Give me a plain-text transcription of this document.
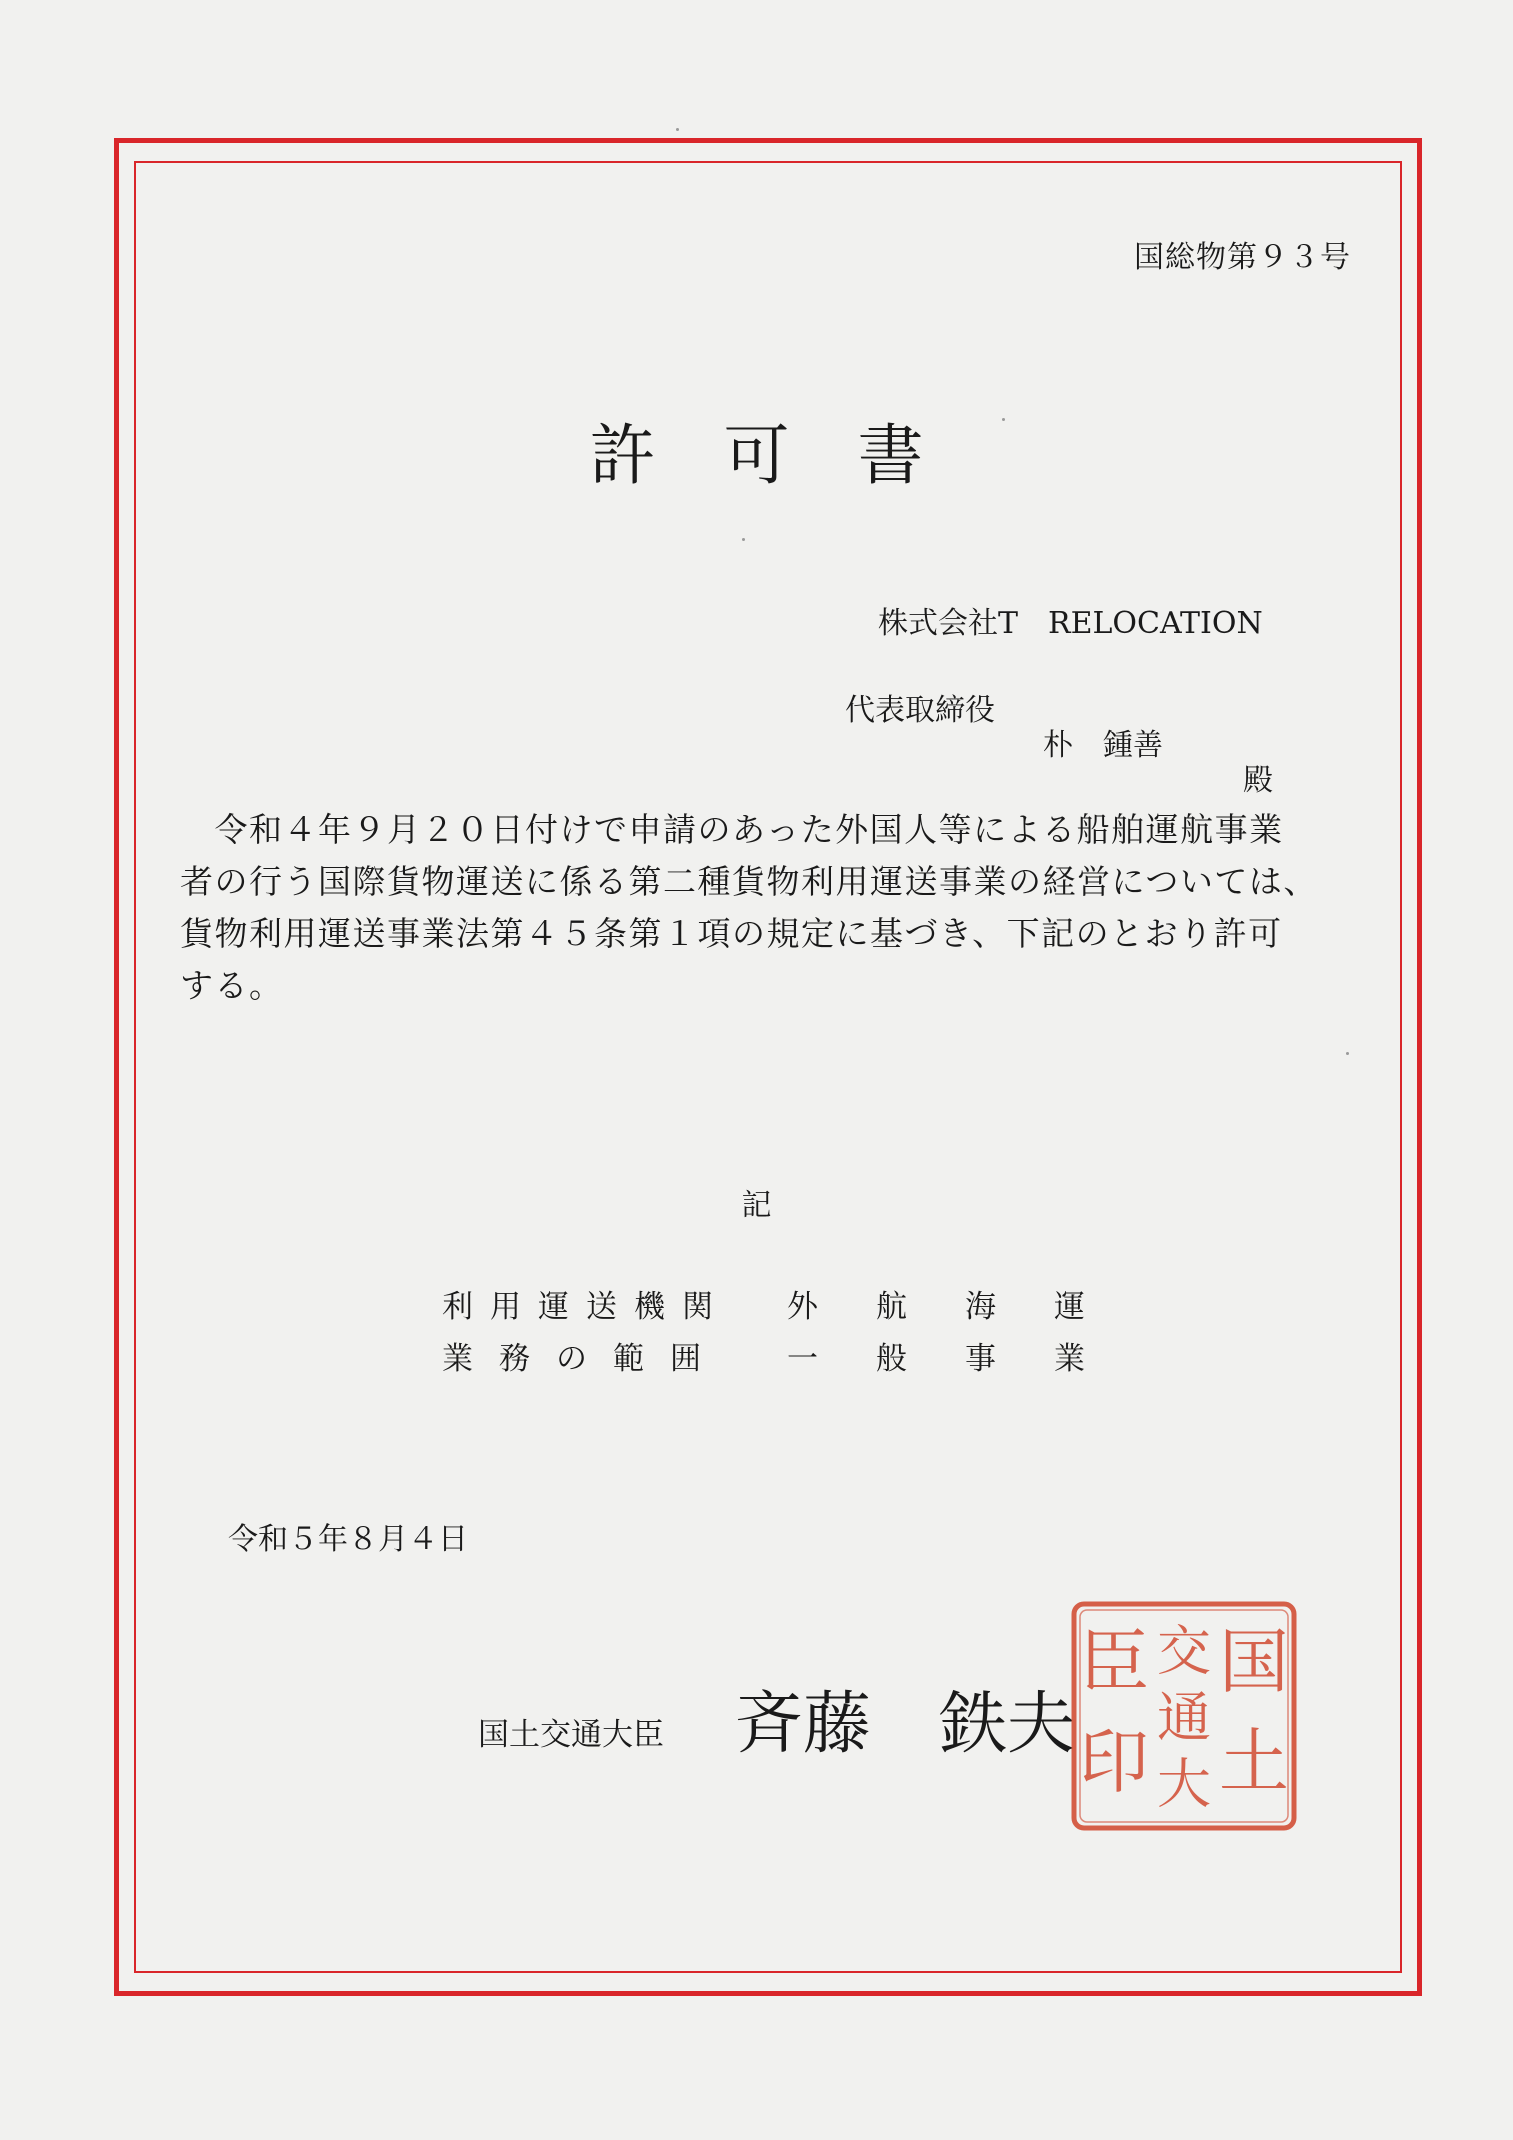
国総物第９３号
許可書
株式会社T　RELOCATION

代表取締役

朴　鍾善

殿

　令和４年９月２０日付けで申請のあった外国人等による船舶運航事業
者の行う国際貨物運送に係る第二種貨物利用運送事業の経営については、
貨物利用運送事業法第４５条第１項の規定に基づき、下記のとおり許可
する。
記
利用運送機関 外航海運
業務の範囲 一般事業
令和５年８月４日
国土交通大臣 斉藤　鉄夫
国
土
交
通
大
臣
印
